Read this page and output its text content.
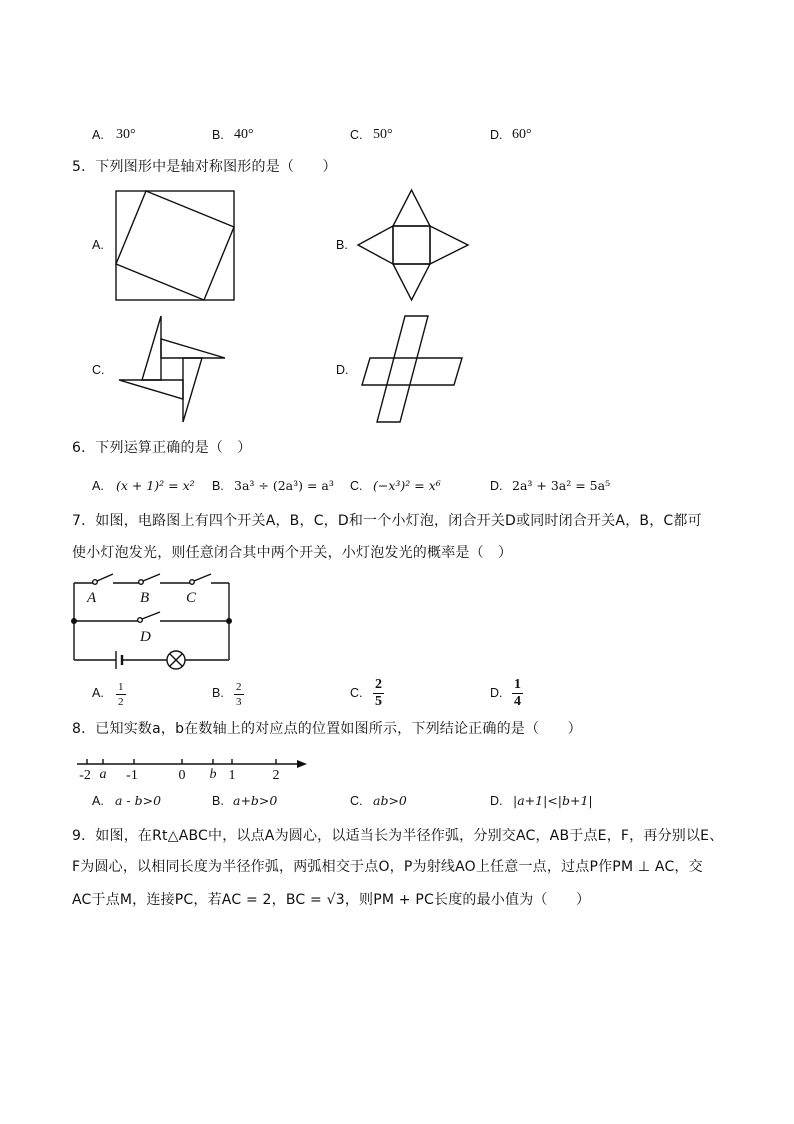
A. 30°	B. 40°	C. 50°	D. 60°
5．下列图形中是轴对称图形的是（　　）
A.	B.
C.	D.
6．下列运算正确的是（　）
A. (x + 1)² = x² B. 3a³ ÷ (2a³) = a³ C. (−x³)² = x⁶	D. 2a³ + 3a² = 5a⁵
7．如图，电路图上有四个开关A，B，C，D和一个小灯泡，闭合开关D或同时闭合开关A，B，C都可
使小灯泡发光，则任意闭合其中两个开关，小灯泡发光的概率是（　）
A	B C
D
A. $\frac{1}{2}$	B. $\frac{2}{3}$	C. $\frac{2}{5}$	D. $\frac{1}{4}$
8．已知实数a，b在数轴上的对应点的位置如图所示，下列结论正确的是（　　）
-2 a -1	0 b 1	2
A. a - b>0	B. a+b>0	C. ab>0	D. |a+1|<|b+1|
9．如图，在Rt△ABC中，以点A为圆心，以适当长为半径作弧，分别交AC，AB于点E，F，再分别以E、
F为圆心，以相同长度为半径作弧，两弧相交于点O，P为射线AO上任意一点，过点P作PM ⊥ AC，交
AC于点M，连接PC，若AC = 2，BC = √3，则PM + PC长度的最小值为（　　）
